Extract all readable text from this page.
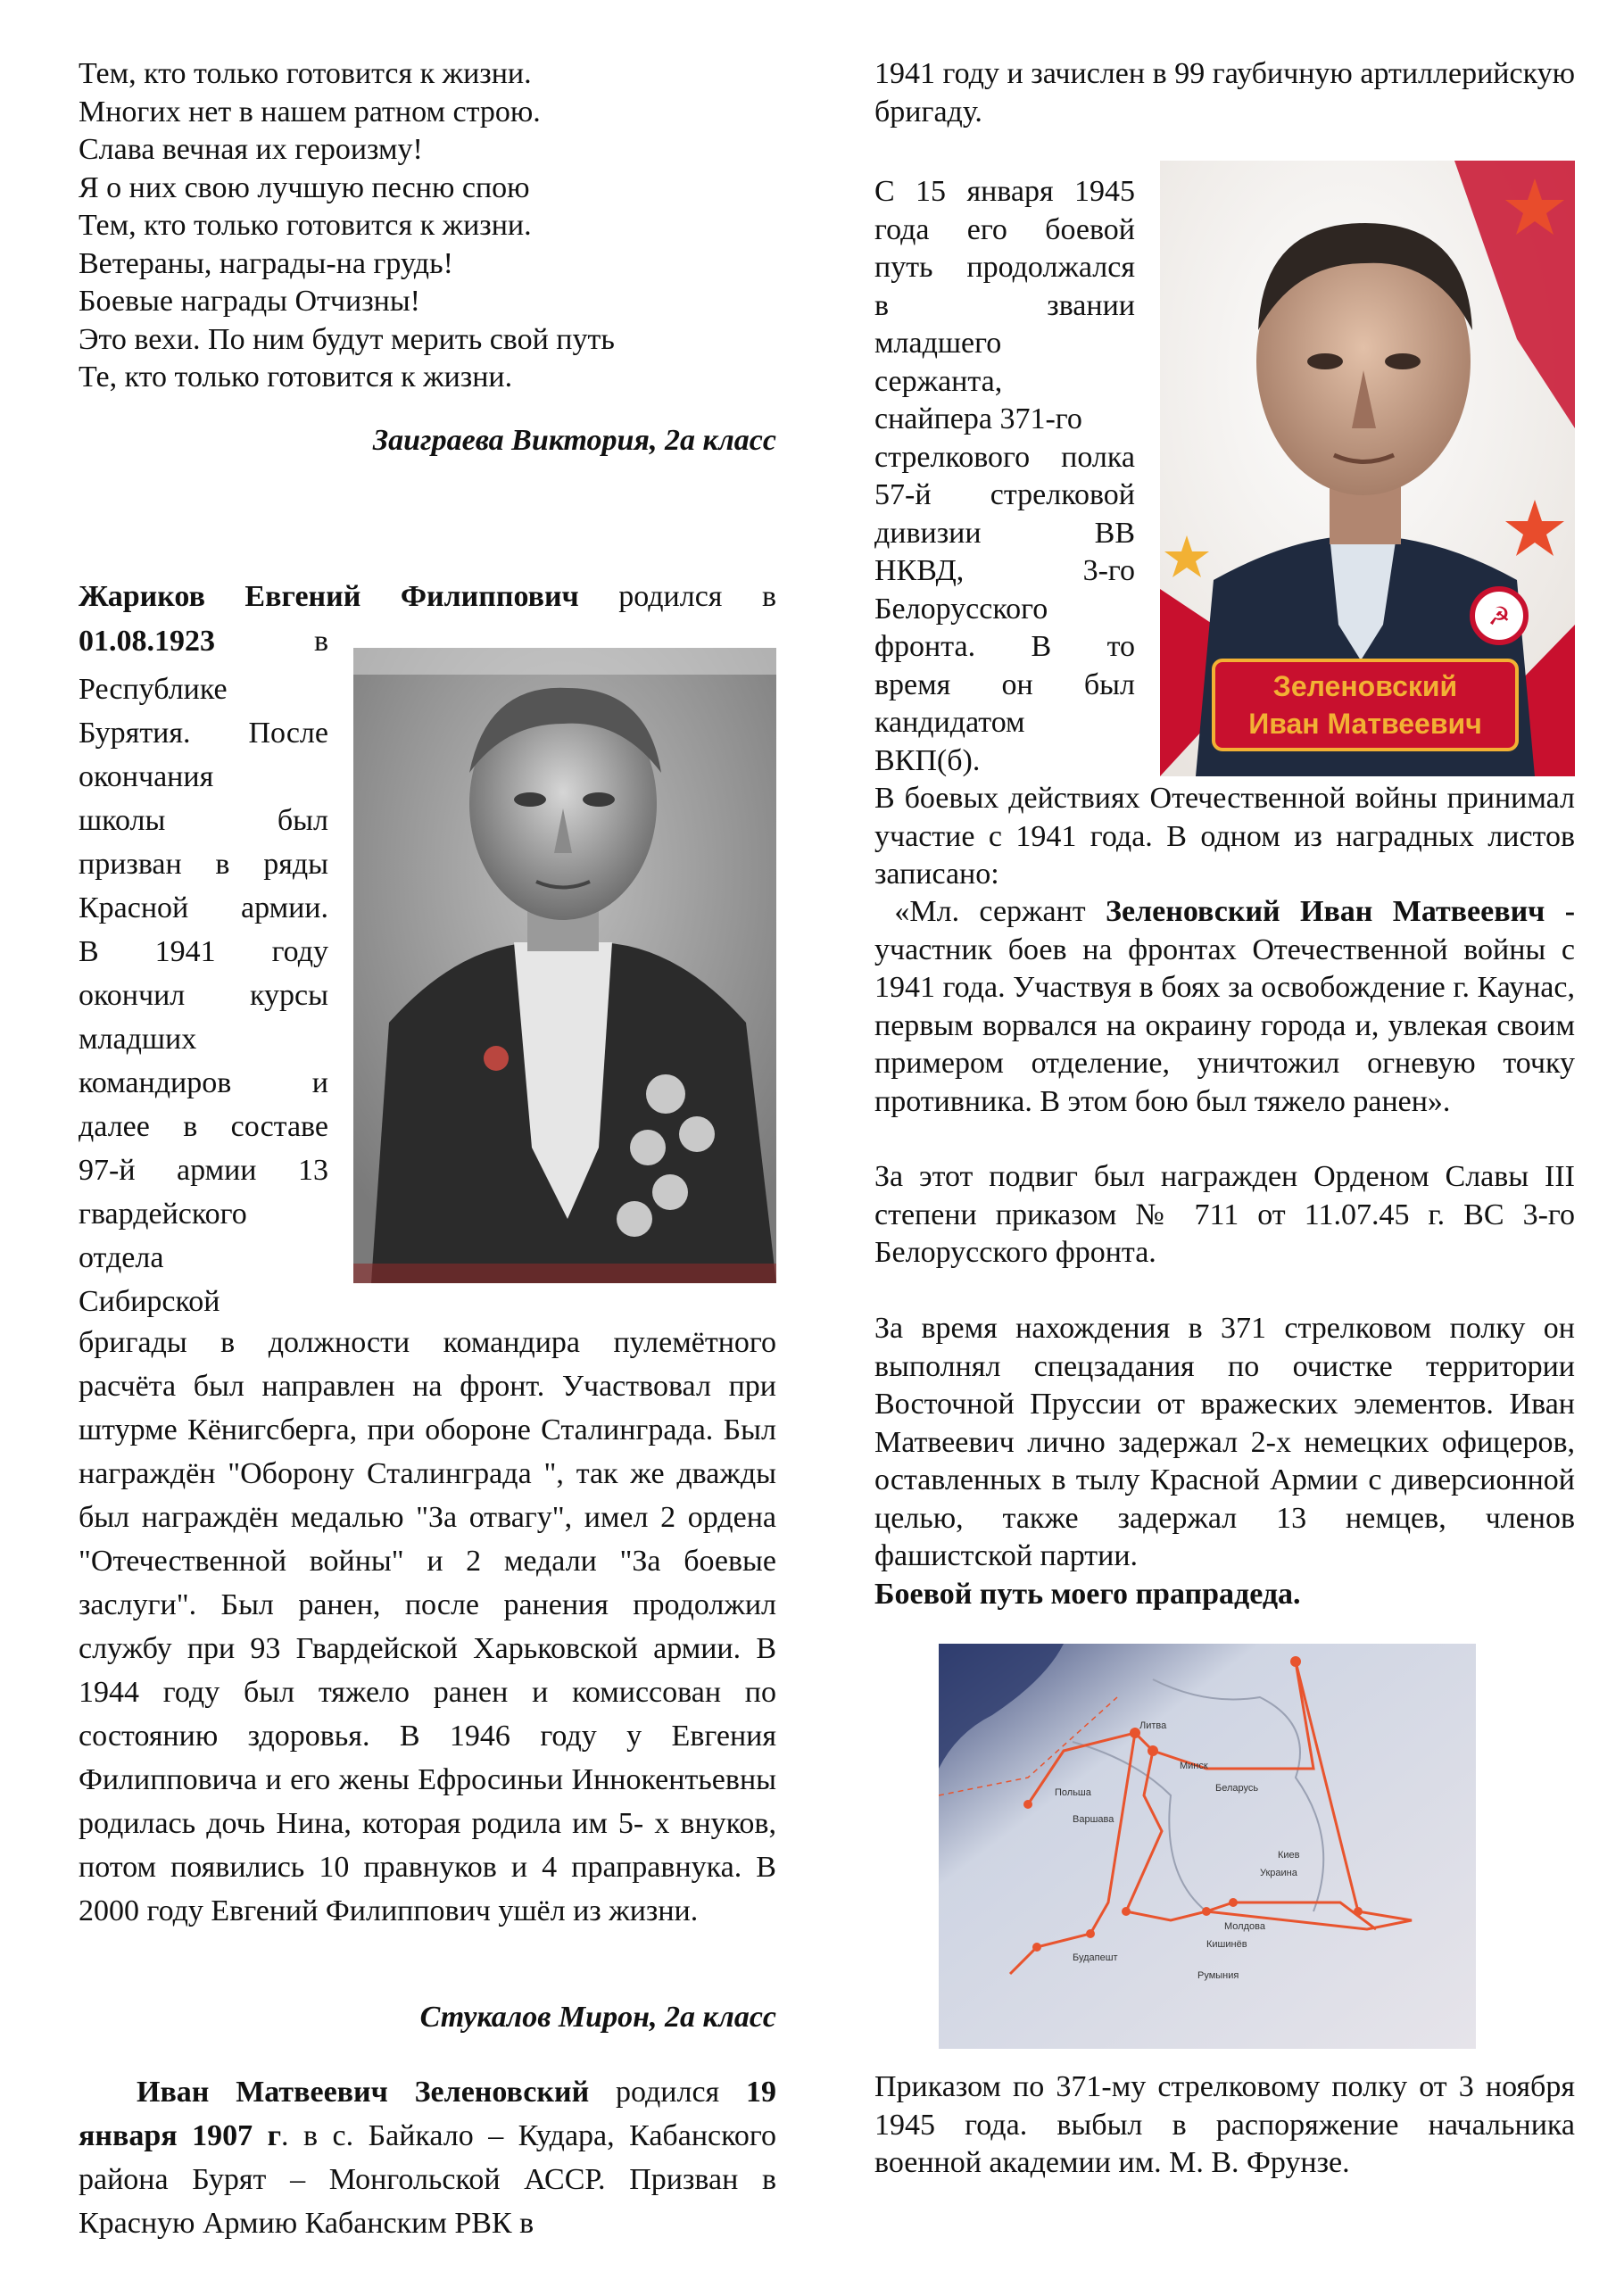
Тем, кто только готовится к жизни.

Многих нет в нашем ратном строю.

Слава вечная их героизму!

Я о них свою лучшую песню спою

Тем, кто только готовится к жизни.

Ветераны, награды-на грудь!

Боевые награды Отчизны!

Это вехи. По ним будут мерить свой путь

Те, кто только готовится к жизни.

Заиграева Виктория, 2а класс

Жариков Евгений Филиппович родился в
01.08.1923	в
Республике
Бурятия. После
окончания
школы был
призван в ряды
Красной армии.
В 1941 году
окончил курсы
младших
командиров и
далее в составе
97-й армии 13
гвардейского
отдела
Сибирской
бригады в должности командира пулемётного расчёта был направлен на фронт. Участвовал при штурме Кёнигсберга, при обороне Сталинграда. Был награждён "Оборону Сталинграда ", так же дважды был награждён медалью "За отвагу", имел 2 ордена "Отечественной войны" и 2 медали "За боевые заслуги". Был ранен, после ранения продолжил службу при 93 Гвардейской Харьковской армии. В 1944 году был тяжело ранен и комиссован по состоянию здоровья. В 1946 году у Евгения Филипповича и его жены Ефросиньи Иннокентьевны родилась дочь Нина, которая родила им 5- х внуков, потом появились 10 правнуков и 4 праправнука. В 2000 году Евгений Филиппович ушёл из жизни.

Стукалов Мирон, 2а класс

Иван Матвеевич Зеленовский родился 19 января 1907 г. в с. Байкало – Кудара, Кабанского района Бурят – Монгольской АССР. Призван в Красную Армию Кабанским РВК в
1941 году и зачислен в 99 гаубичную артиллерийскую бригаду.
С 15 января 1945
года его боевой
путь продолжался
в звании
младшего
сержанта,
снайпера 371-го
стрелкового полка
57-й стрелковой
дивизии ВВ
НКВД, 3-го
Белорусского
фронта. В то
время он был
кандидатом
ВКП(б).
Зеленовский
Иван Матвеевич
☭
В боевых действиях Отечественной войны принимал участие с 1941 года. В одном из наградных листов записано:
«Мл. сержант Зеленовский Иван Матвеевич - участник боев на фронтах Отечественной войны с 1941 года. Участвуя в боях за освобождение г. Каунас, первым ворвался на окраину города и, увлекая своим примером отделение, уничтожил огневую точку противника. В этом бою был тяжело ранен».
За этот подвиг был награжден Орденом Славы III степени приказом № 711 от 11.07.45 г. ВС 3-го Белорусского фронта.
За время нахождения в 371 стрелковом полку он выполнял спецзадания по очистке территории Восточной Пруссии от вражеских элементов. Иван Матвеевич лично задержал 2-х немецких офицеров, оставленных в тылу Красной Армии с диверсионной целью, также задержал 13 немцев, членов фашистской партии.
Боевой путь моего прапрадеда.
Литва
Польша	Беларусь
Варшава
Минск
Украина
Румыния
Молдова
Киев
Кишинёв
Будапешт
Приказом по 371-му стрелковому полку от 3 ноября 1945 года. выбыл в распоряжение начальника военной академии им. М. В. Фрунзе.
